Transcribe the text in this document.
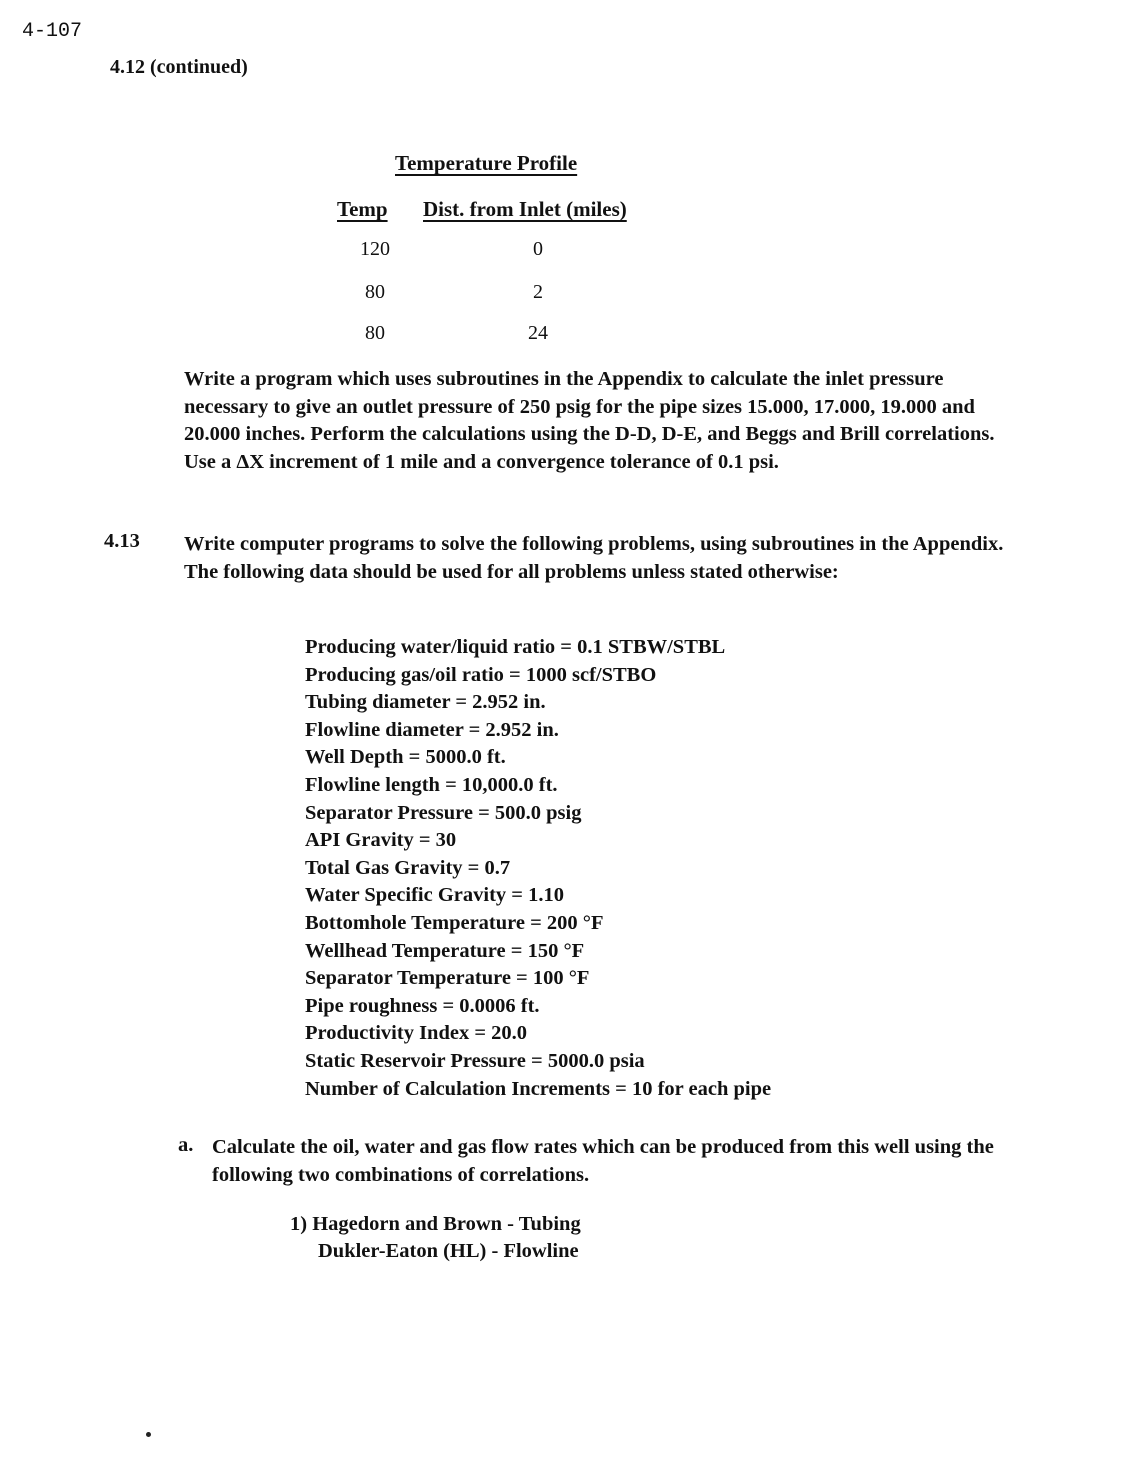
4-107
4.12 (continued)
Temperature Profile
Temp Dist. from Inlet (miles)
120	0
80	2
80	24
Write a program which uses subroutines in the Appendix to calculate the inlet pressure necessary to give an outlet pressure of 250 psig for the pipe sizes 15.000, 17.000, 19.000 and 20.000 inches. Perform the calculations using the D-D, D-E, and Beggs and Brill correlations. Use a ΔX increment of 1 mile and a convergence tolerance of 0.1 psi.
4.13 Write computer programs to solve the following problems, using subroutines in the Appendix. The following data should be used for all problems unless stated otherwise:
Producing water/liquid ratio = 0.1 STBW/STBL
Producing gas/oil ratio = 1000 scf/STBO
Tubing diameter = 2.952 in.
Flowline diameter = 2.952 in.
Well Depth = 5000.0 ft.
Flowline length = 10,000.0 ft.
Separator Pressure = 500.0 psig
API Gravity = 30
Total Gas Gravity = 0.7
Water Specific Gravity = 1.10
Bottomhole Temperature = 200 °F
Wellhead Temperature = 150 °F
Separator Temperature = 100 °F
Pipe roughness = 0.0006 ft.
Productivity Index = 20.0
Static Reservoir Pressure = 5000.0 psia
Number of Calculation Increments = 10 for each pipe
a. Calculate the oil, water and gas flow rates which can be produced from this well using the following two combinations of correlations.
1) Hagedorn and Brown - Tubing
Dukler-Eaton (HL) - Flowline
